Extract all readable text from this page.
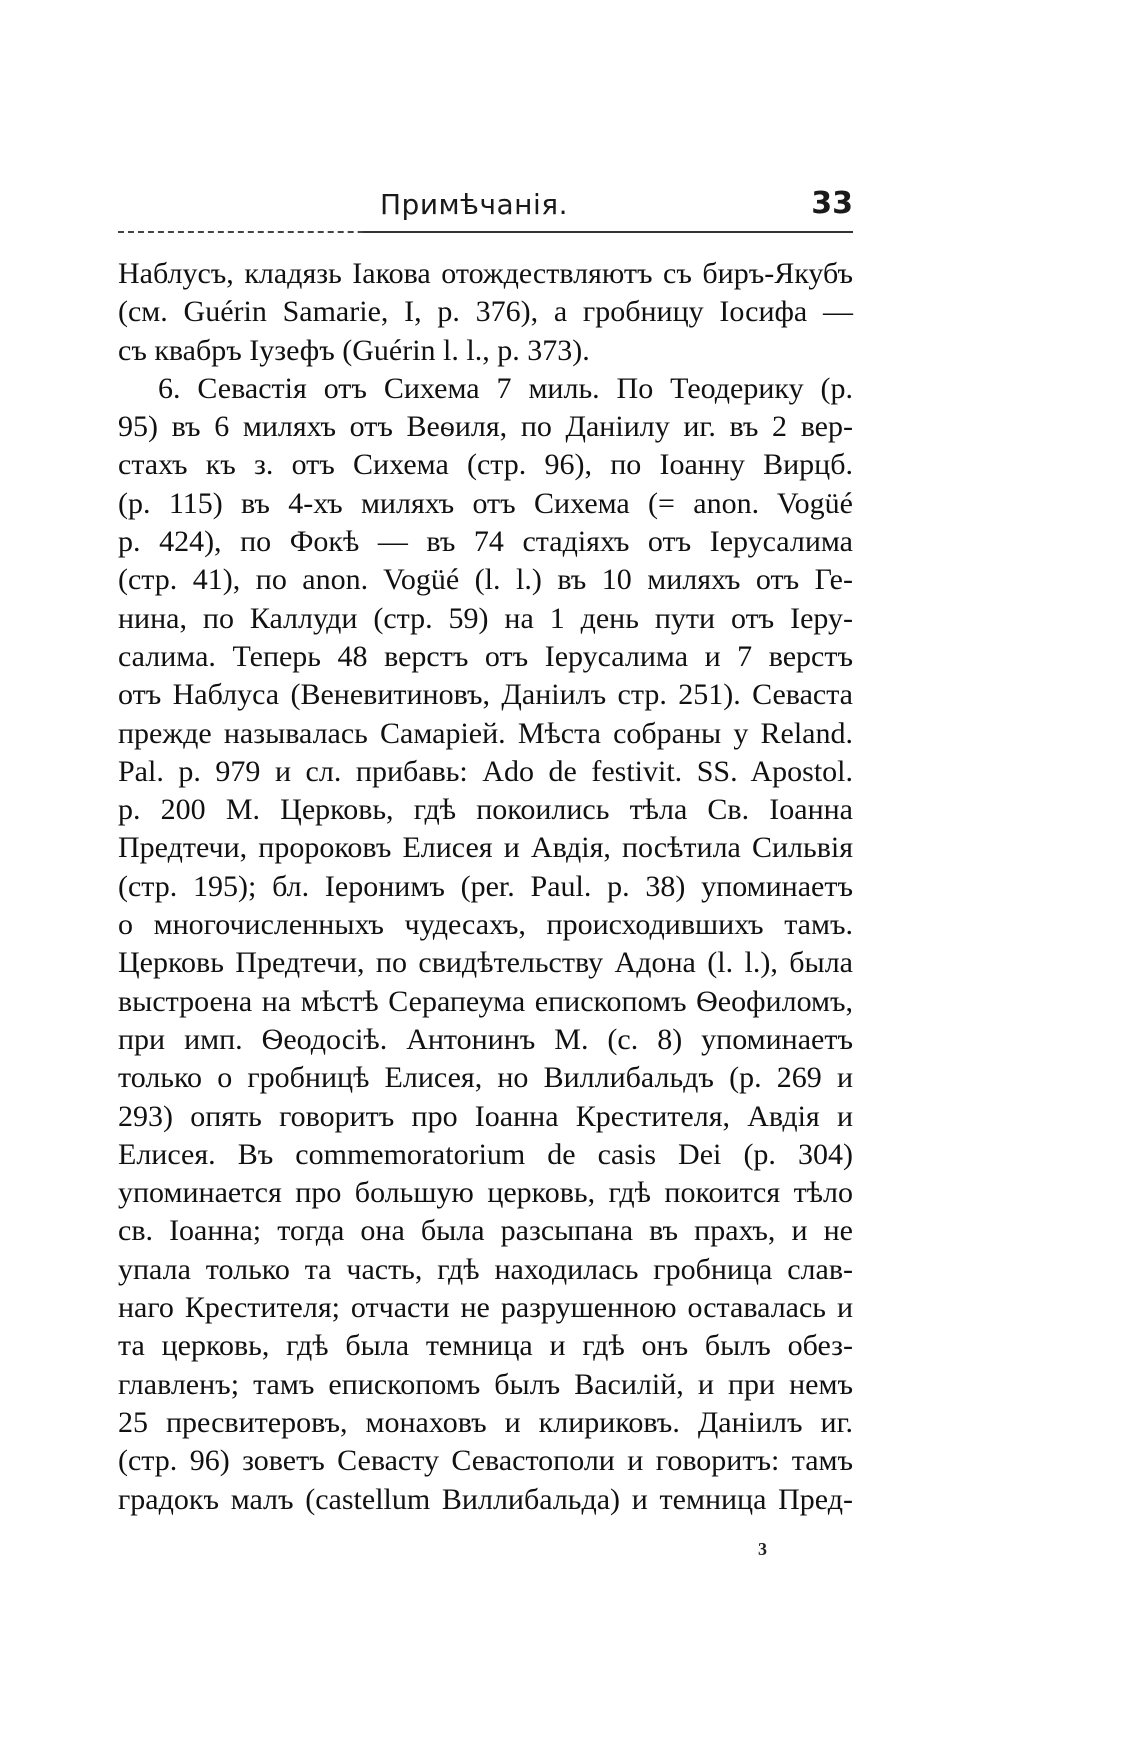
Примѣчанія.	33
Наблусъ, кладязь Іакова отождествляютъ съ биръ-Якубъ
(см. Guérin Samarie, I, р. 376), а гробницу Іосифа —
съ квабръ Іузефъ (Guérin l. l., р. 373).
6. Севастія отъ Сихема 7 миль. По Теодерику (р.
95) въ 6 миляхъ отъ Веѳиля, по Даніилу иг. въ 2 вер-
стахъ къ з. отъ Сихема (стр. 96), по Іоанну Вирцб.
(р. 115) въ 4-хъ миляхъ отъ Сихема (= anon. Vogüé
р. 424), по Фокѣ — въ 74 стадіяхъ отъ Іерусалима
(стр. 41), по anon. Vogüé (l. l.) въ 10 миляхъ отъ Ге-
нина, по Каллуди (стр. 59) на 1 день пути отъ Іеру-
салима. Теперь 48 верстъ отъ Іерусалима и 7 верстъ
отъ Наблуса (Веневитиновъ, Даніилъ стр. 251). Севаста
прежде называлась Самаріей. Мѣста собраны у Reland.
Pal. р. 979 и сл. прибавь: Ado de festivit. SS. Apostol.
p. 200 М. Церковь, гдѣ покоились тѣла Св. Іоанна
Предтечи, пророковъ Елисея и Авдія, посѣтила Сильвія
(стр. 195); бл. Іеронимъ (per. Paul. p. 38) упоминаетъ
о многочисленныхъ чудесахъ, происходившихъ тамъ.
Церковь Предтечи, по свидѣтельству Адона (l. l.), была
выстроена на мѣстѣ Серапеума епископомъ Ѳеофиломъ,
при имп. Ѳеодосіѣ. Антонинъ М. (с. 8) упоминаетъ
только о гробницѣ Елисея, но Виллибальдъ (р. 269 и
293) опять говоритъ про Іоанна Крестителя, Авдія и
Елисея. Въ commemoratorium de casis Dei (р. 304)
упоминается про большую церковь, гдѣ покоится тѣло
св. Іоанна; тогда она была разсыпана въ прахъ, и не
упала только та часть, гдѣ находилась гробница слав-
наго Крестителя; отчасти не разрушенною оставалась и
та церковь, гдѣ была темница и гдѣ онъ былъ обез-
главленъ; тамъ епископомъ былъ Василій, и при немъ
25 пресвитеровъ, монаховъ и клириковъ. Даніилъ иг.
(стр. 96) зоветъ Севасту Севастополи и говоритъ: тамъ
градокъ малъ (castellum Виллибальда) и темница Пред-
3
